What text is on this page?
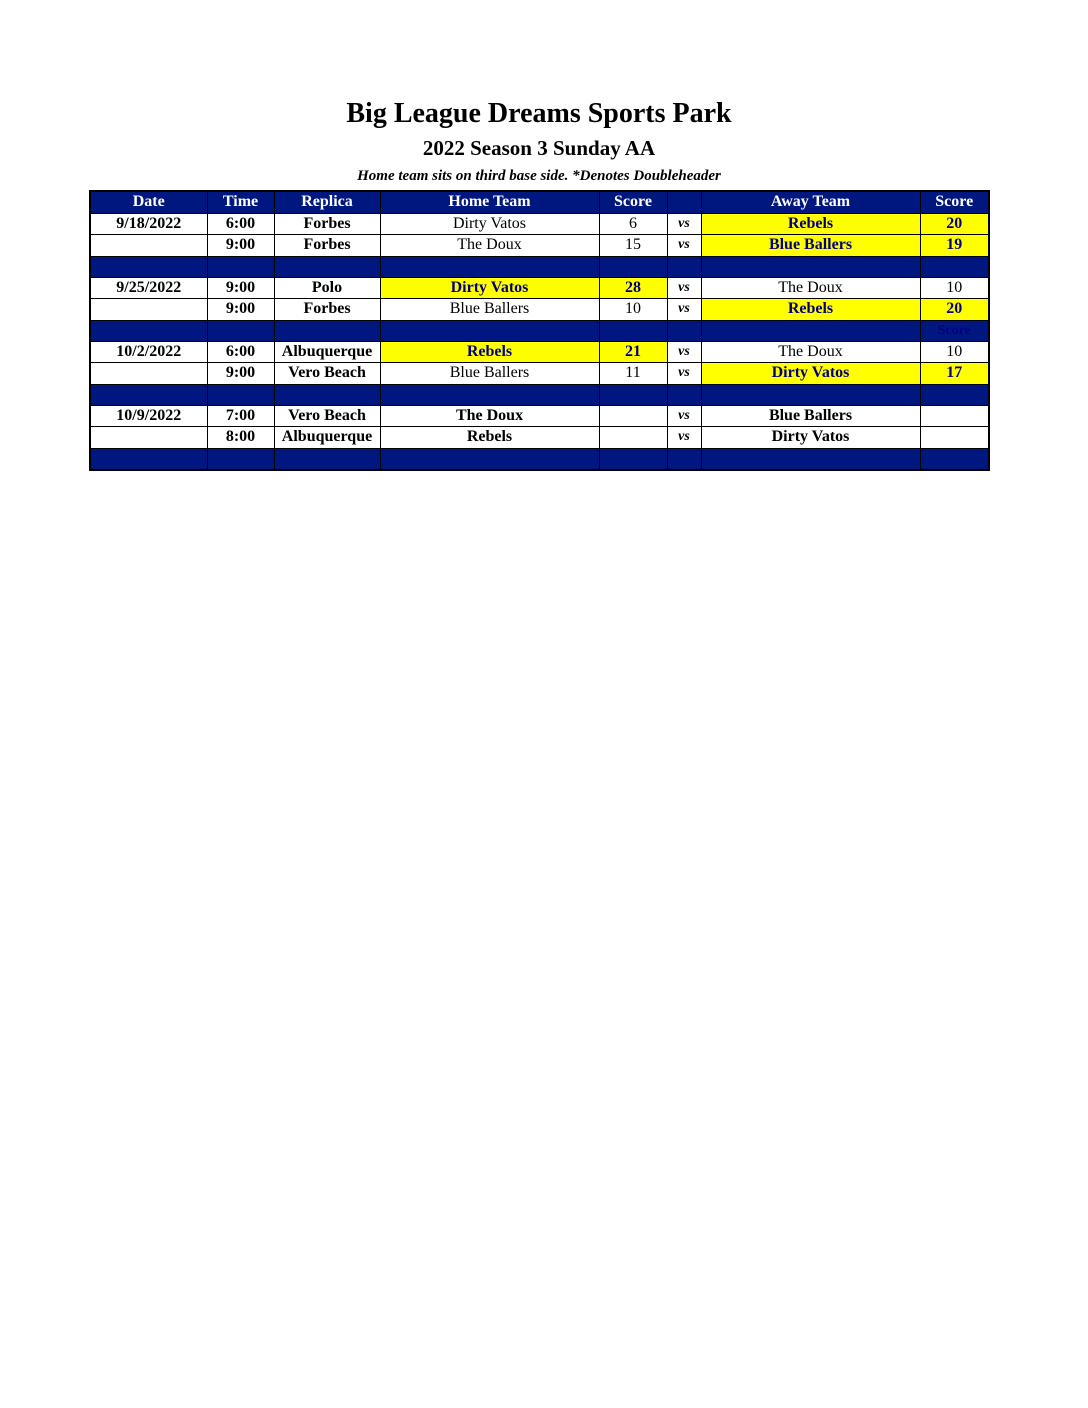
Big League Dreams Sports Park
2022 Season 3 Sunday AA
Home team sits on third base side. *Denotes Doubleheader
Date	Time	Replica	Home Team	Score		Away Team	Score
9/18/2022	6:00	Forbes	Dirty Vatos	6	vs	Rebels	20
	9:00	Forbes	The Doux	15	vs	Blue Ballers	19

9/25/2022	9:00	Polo	Dirty Vatos	28	vs	The Doux	10
	9:00	Forbes	Blue Ballers	10	vs	Rebels	20
							Score
10/2/2022	6:00	Albuquerque	Rebels	21	vs	The Doux	10
	9:00	Vero Beach	Blue Ballers	11	vs	Dirty Vatos	17

10/9/2022	7:00	Vero Beach	The Doux		vs	Blue Ballers	
	8:00	Albuquerque	Rebels		vs	Dirty Vatos	
